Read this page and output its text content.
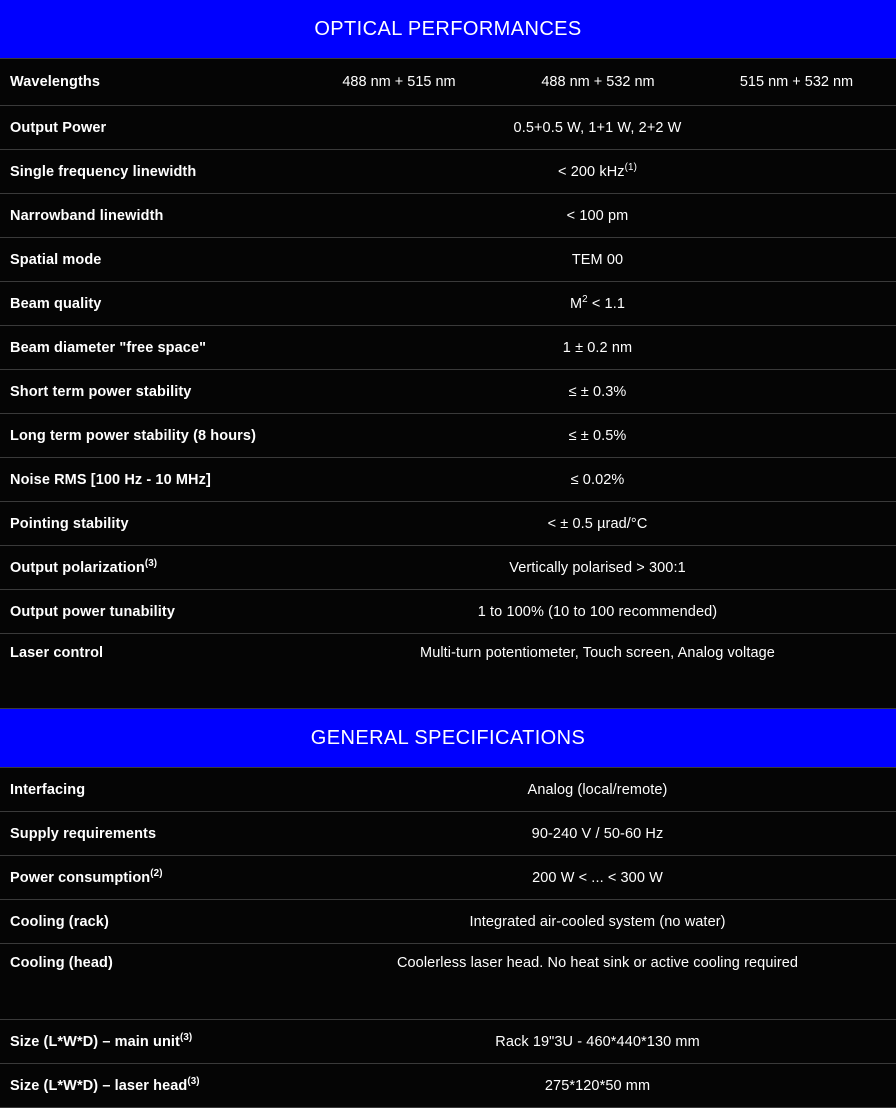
OPTICAL PERFORMANCES
Wavelengths	488 nm + 515 nm	488 nm + 532 nm	515 nm + 532 nm
Output Power	0.5+0.5 W, 1+1 W, 2+2 W		
Single frequency linewidth	< 200 kHz$^{(1)}$
Narrowband linewidth	< 100 pm		
Spatial mode	TEM 00		
Beam quality	$M^2 < 1.1$		
Beam diameter "free space"	1 ± 0.2 nm		
Short term power stability	≤ ± 0.3%		
Long term power stability (8 hours)	≤ ± 0.5%		
Noise RMS [100 Hz - 10 MHz]	≤ 0.02%		
Pointing stability	< ± 0.5 µrad/°C		
Output polarization$^{(3)}$	Vertically polarised > 300:1		
Output power tunability	1 to 100% (10 to 100 recommended)		
Laser control	Multi-turn potentiometer, Touch screen, Analog voltage		
GENERAL SPECIFICATIONS
Interfacing	Analog (local/remote)
Supply requirements	90-240 V / 50-60 Hz
Power consumption$^{(2)}$	200 W < ... < 300 W
Cooling (rack)	Integrated air-cooled system (no water)
Cooling (head)	Coolerless laser head. No heat sink or active cooling required
Size (L*W*D) – main unit$^{(3)}$	Rack 19"3U - 460*440*130 mm
Size (L*W*D) – laser head$^{(3)}$	275*120*50 mm
